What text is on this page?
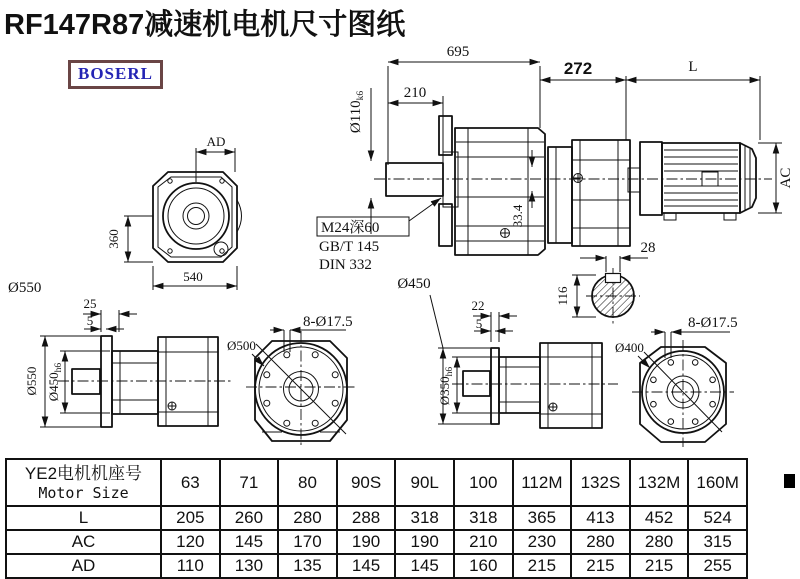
RF147R87减速机电机尺寸图纸
BOSERL
695
272	L
210
33.4
AC
$Ø110_{k6}$
M24深60
GB/T 145
DIN 332
28
116
AD
360
540
Ø550
25
5
Ø550 $Ø450_{h6}$
8-Ø17.5
Ø500
22
5
Ø450
$Ø350_{h6}$
8-Ø17.5
Ø400
YE2电机机座号
Motor Size	63	71	80	90S	90L	100	112M	132S	132M	160M
L	205	260	280	288	318	318	365	413	452	524
AC	120	145	170	190	190	210	230	280	280	315
AD	110	130	135	145	145	160	215	215	215	255
